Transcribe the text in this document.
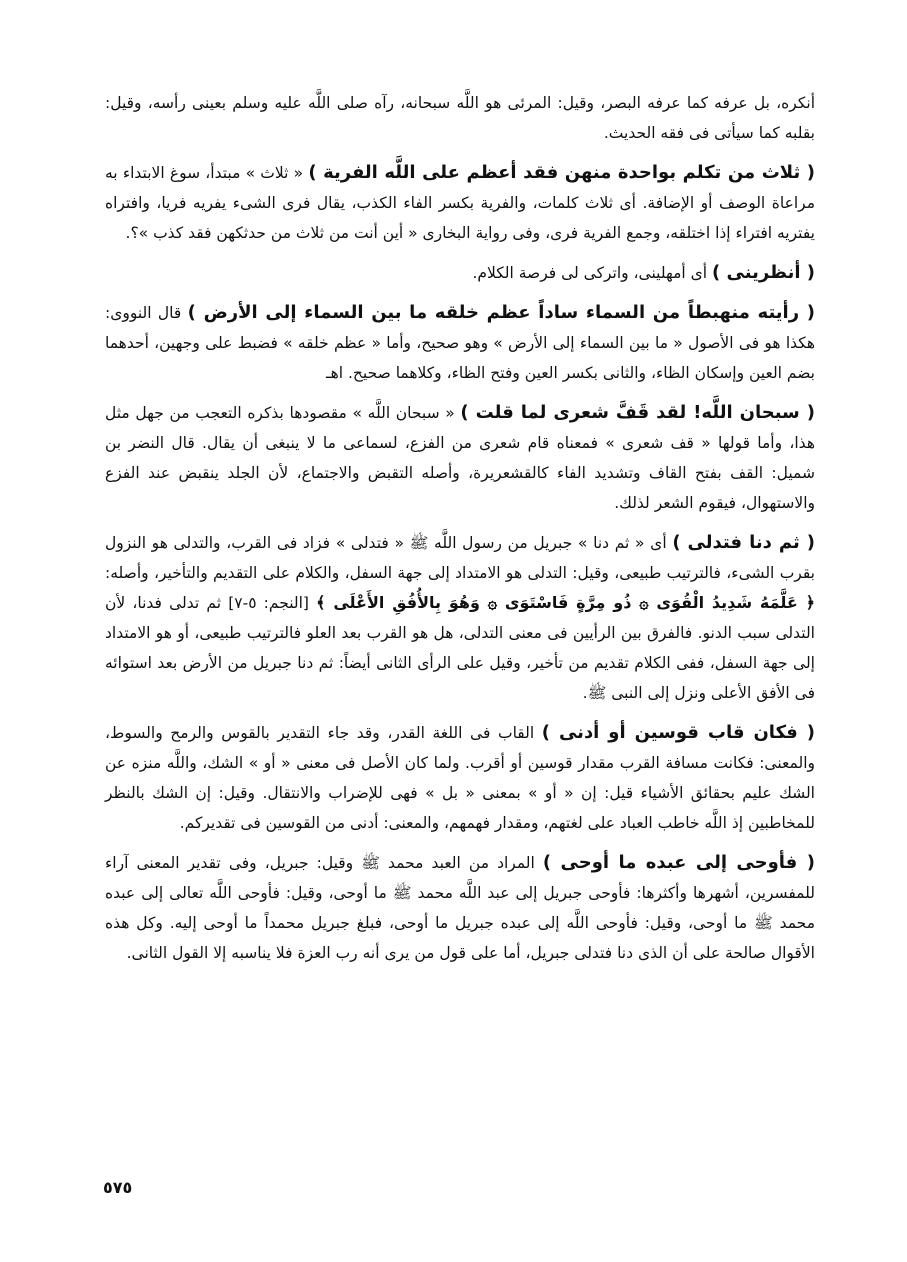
أنكره، بل عرفه كما عرفه البصر، وقيل: المرئى هو اللَّه سبحانه، رآه صلى اللَّه عليه وسلم بعينى رأسه، وقيل: بقلبه كما سيأتى فى فقه الحديث.

( ثلاث من تكلم بواحدة منهن فقد أعظم على اللَّه الفرية ) « ثلاث » مبتدأ، سوغ الابتداء به مراعاة الوصف أو الإضافة. أى ثلاث كلمات، والفرية بكسر الفاء الكذب، يقال فرى الشىء يفريه فريا، وافتراه يفتريه افتراء إذا اختلقه، وجمع الفرية فرى، وفى رواية البخارى « أين أنت من ثلاث من حدثكهن فقد كذب »؟.

( أنظرينى ) أى أمهلينى، واتركى لى فرصة الكلام.

( رأيته منهبطاً من السماء ساداً عظم خلقه ما بين السماء إلى الأرض ) قال النووى: هكذا هو فى الأصول « ما بين السماء إلى الأرض » وهو صحيح، وأما « عظم خلقه » فضبط على وجهين، أحدهما بضم العين وإسكان الظاء، والثانى بكسر العين وفتح الظاء، وكلاهما صحيح. اهـ

( سبحان اللَّه! لقد قَفَّ شعرى لما قلت ) « سبحان اللَّه » مقصودها بذكره التعجب من جهل مثل هذا، وأما قولها « قف شعرى » فمعناه قام شعرى من الفزع، لسماعى ما لا ينبغى أن يقال. قال النضر بن شميل: القف بفتح القاف وتشديد الفاء كالقشعريرة، وأصله التقبض والاجتماع، لأن الجلد ينقبض عند الفزع والاستهوال، فيقوم الشعر لذلك.

( ثم دنا فتدلى ) أى « ثم دنا » جبريل من رسول اللَّه ﷺ « فتدلى » فزاد فى القرب، والتدلى هو النزول بقرب الشىء، فالترتيب طبيعى، وقيل: التدلى هو الامتداد إلى جهة السفل، والكلام على التقديم والتأخير، وأصله: ﴿ عَلَّمَهُ شَدِيدُ الْقُوَى ۞ ذُو مِرَّةٍ فَاسْتَوَى ۞ وَهُوَ بِالأُفُقِ الأَعْلَى ﴾ [النجم: ٥-٧] ثم تدلى فدنا، لأن التدلى سبب الدنو. فالفرق بين الرأيين فى معنى التدلى، هل هو القرب بعد العلو فالترتيب طبيعى، أو هو الامتداد إلى جهة السفل، ففى الكلام تقديم من تأخير، وقيل على الرأى الثانى أيضاً: ثم دنا جبريل من الأرض بعد استوائه فى الأفق الأعلى ونزل إلى النبى ﷺ.

( فكان قاب قوسين أو أدنى ) القاب فى اللغة القدر، وقد جاء التقدير بالقوس والرمح والسوط، والمعنى: فكانت مسافة القرب مقدار قوسين أو أقرب. ولما كان الأصل فى معنى « أو » الشك، واللَّه منزه عن الشك عليم بحقائق الأشياء قيل: إن « أو » بمعنى « بل » فهى للإضراب والانتقال. وقيل: إن الشك بالنظر للمخاطبين إذ اللَّه خاطب العباد على لغتهم، ومقدار فهمهم، والمعنى: أدنى من القوسين فى تقديركم.

( فأوحى إلى عبده ما أوحى ) المراد من العبد محمد ﷺ وقيل: جبريل، وفى تقدير المعنى آراء للمفسرين، أشهرها وأكثرها: فأوحى جبريل إلى عبد اللَّه محمد ﷺ ما أوحى، وقيل: فأوحى اللَّه تعالى إلى عبده محمد ﷺ ما أوحى، وقيل: فأوحى اللَّه إلى عبده جبريل ما أوحى، فبلغ جبريل محمداً ما أوحى إليه. وكل هذه الأقوال صالحة على أن الذى دنا فتدلى جبريل، أما على قول من يرى أنه رب العزة فلا يناسبه إلا القول الثانى.

٥٧٥
